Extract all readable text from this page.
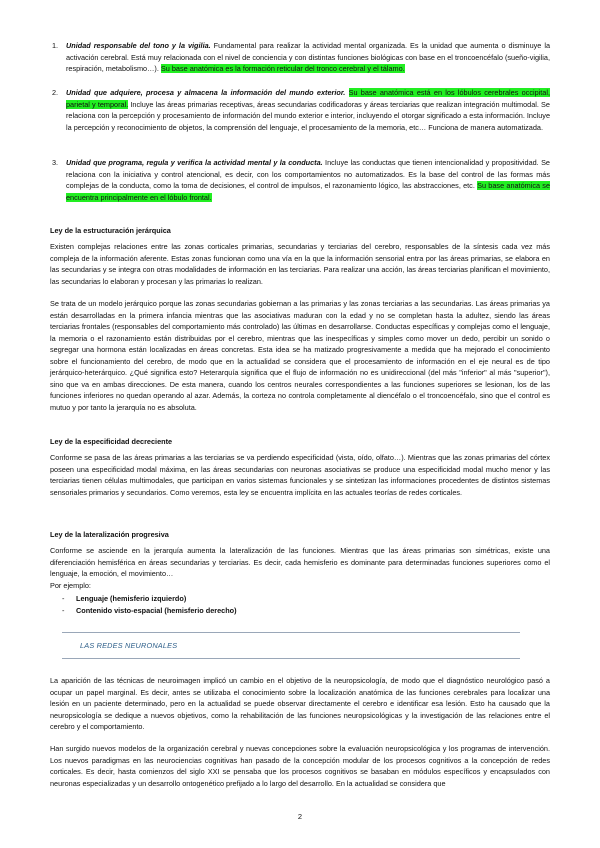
1. Unidad responsable del tono y la vigilia. Fundamental para realizar la actividad mental organizada. Es la unidad que aumenta o disminuye la activación cerebral. Está muy relacionada con el nivel de conciencia y con distintas funciones biológicas con base en el troncoencéfalo (sueño-vigilia, respiración, metabolismo…). Su base anatómica es la formación reticular del tronco cerebral y el tálamo.
2. Unidad que adquiere, procesa y almacena la información del mundo exterior. Su base anatómica está en los lóbulos cerebrales occipital, parietal y temporal. Incluye las áreas primarias receptivas, áreas secundarias codificadoras y áreas terciarias que realizan integración multimodal. Se relaciona con la percepción y procesamiento de información del mundo exterior e interior, incluyendo el otorgar significado a esta información. Incluye la percepción y reconocimiento de objetos, la comprensión del lenguaje, el procesamiento de la memoria, etc… Funciona de manera automatizada.
3. Unidad que programa, regula y verifica la actividad mental y la conducta. Incluye las conductas que tienen intencionalidad y propositividad. Se relaciona con la iniciativa y control atencional, es decir, con los comportamientos no automatizados. Es la base del control de las formas más complejas de la conducta, como la toma de decisiones, el control de impulsos, el razonamiento lógico, las abstracciones, etc. Su base anatómica se encuentra principalmente en el lóbulo frontal.
Ley de la estructuración jerárquica

Existen complejas relaciones entre las zonas corticales primarias, secundarias y terciarias del cerebro, responsables de la síntesis cada vez más compleja de la información aferente. Estas zonas funcionan como una vía en la que la información sensorial entra por las áreas primarias, se elabora en las secundarias y se integra con otras modalidades de información en las terciarias. Para realizar una acción, las áreas terciarias planifican el movimiento, las secundarias lo elaboran y procesan y las primarias lo realizan.

Se trata de un modelo jerárquico porque las zonas secundarias gobiernan a las primarias y las zonas terciarias a las secundarias. Las áreas primarias ya están desarrolladas en la primera infancia mientras que las asociativas maduran con la edad y no se completan hasta la adultez, siendo las áreas terciarias frontales (responsables del comportamiento más controlado) las últimas en desarrollarse. Conductas específicas y complejas como el lenguaje, la memoria o el razonamiento están distribuidas por el cerebro, mientras que las inespecíficas y simples como mover un dedo, percibir un sonido o segregar una hormona están localizadas en áreas concretas. Esta idea se ha matizado progresivamente a medida que ha mejorado el conocimiento sobre el funcionamiento del cerebro, de modo que en la actualidad se considera que el procesamiento de información en el eje neural es de tipo jerárquico-heterárquico. ¿Qué significa esto? Heterarquía significa que el flujo de información no es unidireccional (del más "inferior" al más "superior"), sino que va en ambas direcciones. De esta manera, cuando los centros neurales correspondientes a las funciones superiores se lesionan, los de las funciones inferiores no quedan operando al azar. Además, la corteza no controla completamente al diencéfalo o el troncoencéfalo, sino que el control es mutuo y por tanto la jerarquía no es absoluta.

Ley de la especificidad decreciente

Conforme se pasa de las áreas primarias a las terciarias se va perdiendo especificidad (vista, oído, olfato…). Mientras que las zonas primarias del córtex poseen una especificidad modal máxima, en las áreas secundarias con neuronas asociativas se produce una especificidad modal mucho menor y las terciarias tienen células multimodales, que participan en varios sistemas funcionales y se sintetizan las informaciones procedentes de distintos sistemas sensoriales primarios y secundarios. Como veremos, esta ley se encuentra implícita en las actuales teorías de redes corticales.

Ley de la lateralización progresiva

Conforme se asciende en la jerarquía aumenta la lateralización de las funciones. Mientras que las áreas primarias son simétricas, existe una diferenciación hemisférica en áreas secundarias y terciarias. Es decir, cada hemisferio es dominante para determinadas funciones superiores como el lenguaje, la emoción, el movimiento…

Por ejemplo:
- Lenguaje (hemisferio izquierdo)
- Contenido visto-espacial (hemisferio derecho)
LAS REDES NEURONALES

La aparición de las técnicas de neuroimagen implicó un cambio en el objetivo de la neuropsicología, de modo que el diagnóstico neurológico pasó a ocupar un papel marginal. Es decir, antes se utilizaba el conocimiento sobre la localización anatómica de las funciones cerebrales para localizar una lesión en un paciente determinado, pero en la actualidad se puede observar directamente el cerebro e identificar esa lesión. Esto ha causado que la neuropsicología se dedique a nuevos objetivos, como la rehabilitación de las funciones neuropsicológicas y la investigación de las relaciones entre el cerebro y el comportamiento.

Han surgido nuevos modelos de la organización cerebral y nuevas concepciones sobre la evaluación neuropsicológica y los programas de intervención. Los nuevos paradigmas en las neurociencias cognitivas han pasado de la concepción modular de los procesos cognitivos a la concepción de redes corticales. Es decir, hasta comienzos del siglo XXI se pensaba que los procesos cognitivos se basaban en módulos específicos y encapsulados con neuronas especializadas y un desarrollo ontogenético prefijado a lo largo del desarrollo. En la actualidad se considera que

2
